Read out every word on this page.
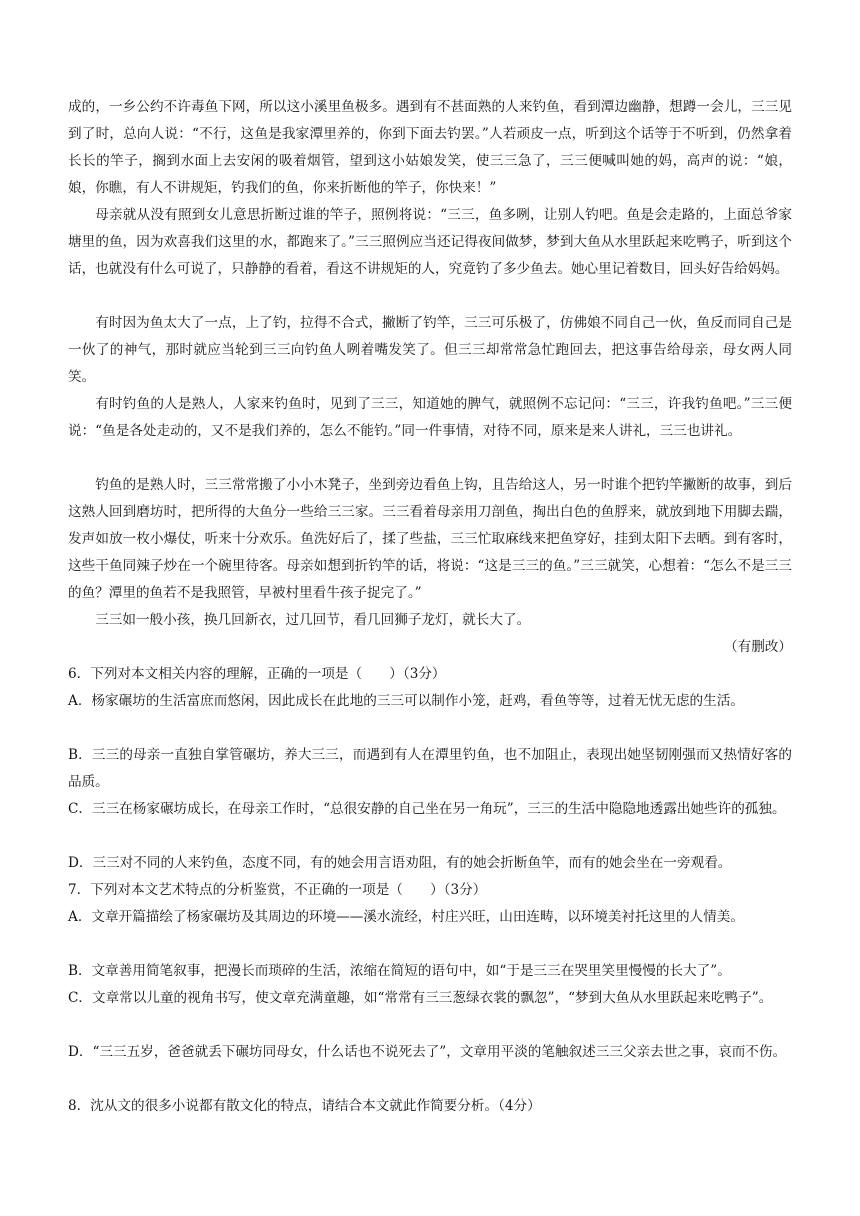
成的，一乡公约不许毒鱼下网，所以这小溪里鱼极多。遇到有不甚面熟的人来钓鱼，看到潭边幽静，想蹲一会儿，三三见到了时，总向人说：“不行，这鱼是我家潭里养的，你到下面去钓罢。”人若顽皮一点，听到这个话等于不听到，仍然拿着长长的竿子，搁到水面上去安闲的吸着烟管，望到这小姑娘发笑，使三三急了，三三便喊叫她的妈，高声的说：“娘，娘，你瞧，有人不讲规矩，钓我们的鱼，你来折断他的竿子，你快来！”
母亲就从没有照到女儿意思折断过谁的竿子，照例将说：“三三，鱼多咧，让别人钓吧。鱼是会走路的，上面总爷家塘里的鱼，因为欢喜我们这里的水，都跑来了。”三三照例应当还记得夜间做梦，梦到大鱼从水里跃起来吃鸭子，听到这个话，也就没有什么可说了，只静静的看着，看这不讲规矩的人，究竟钓了多少鱼去。她心里记着数目，回头好告给妈妈。
有时因为鱼太大了一点，上了钓，拉得不合式，撇断了钓竿，三三可乐极了，仿佛娘不同自己一伙，鱼反而同自己是一伙了的神气，那时就应当轮到三三向钓鱼人咧着嘴发笑了。但三三却常常急忙跑回去，把这事告给母亲，母女两人同笑。
有时钓鱼的人是熟人，人家来钓鱼时，见到了三三，知道她的脾气，就照例不忘记问：“三三，许我钓鱼吧。”三三便说：“鱼是各处走动的，又不是我们养的，怎么不能钓。”同一件事情，对待不同，原来是来人讲礼，三三也讲礼。
钓鱼的是熟人时，三三常常搬了小小木凳子，坐到旁边看鱼上钩，且告给这人，另一时谁个把钓竿撇断的故事，到后这熟人回到磨坊时，把所得的大鱼分一些给三三家。三三看着母亲用刀剖鱼，掏出白色的鱼脬来，就放到地下用脚去踹，发声如放一枚小爆仗，听来十分欢乐。鱼洗好后了，揉了些盐，三三忙取麻线来把鱼穿好，挂到太阳下去晒。到有客时，这些干鱼同辣子炒在一个碗里待客。母亲如想到折钓竿的话，将说：“这是三三的鱼。”三三就笑，心想着：“怎么不是三三的鱼？潭里的鱼若不是我照管，早被村里看牛孩子捉完了。”
三三如一般小孩，换几回新衣，过几回节，看几回狮子龙灯，就长大了。
（有删改）
6．下列对本文相关内容的理解，正确的一项是（　　）（3分）
A．杨家碾坊的生活富庶而悠闲，因此成长在此地的三三可以制作小笼，赶鸡，看鱼等等，过着无忧无虑的生活。
B．三三的母亲一直独自掌管碾坊，养大三三，而遇到有人在潭里钓鱼，也不加阻止，表现出她坚韧刚强而又热情好客的品质。
C．三三在杨家碾坊成长，在母亲工作时，“总很安静的自己坐在另一角玩”，三三的生活中隐隐地透露出她些许的孤独。
D．三三对不同的人来钓鱼，态度不同，有的她会用言语劝阻，有的她会折断鱼竿，而有的她会坐在一旁观看。
7．下列对本文艺术特点的分析鉴赏，不正确的一项是（　　）（3分）
A．文章开篇描绘了杨家碾坊及其周边的环境——溪水流经，村庄兴旺，山田连畴，以环境美衬托这里的人情美。
B．文章善用简笔叙事，把漫长而琐碎的生活，浓缩在简短的语句中，如“于是三三在哭里笑里慢慢的长大了”。
C．文章常以儿童的视角书写，使文章充满童趣，如“常常有三三葱绿衣裳的飘忽”，“梦到大鱼从水里跃起来吃鸭子”。
D．“三三五岁，爸爸就丢下碾坊同母女，什么话也不说死去了”，文章用平淡的笔触叙述三三父亲去世之事，哀而不伤。
8．沈从文的很多小说都有散文化的特点，请结合本文就此作简要分析。（4分）
